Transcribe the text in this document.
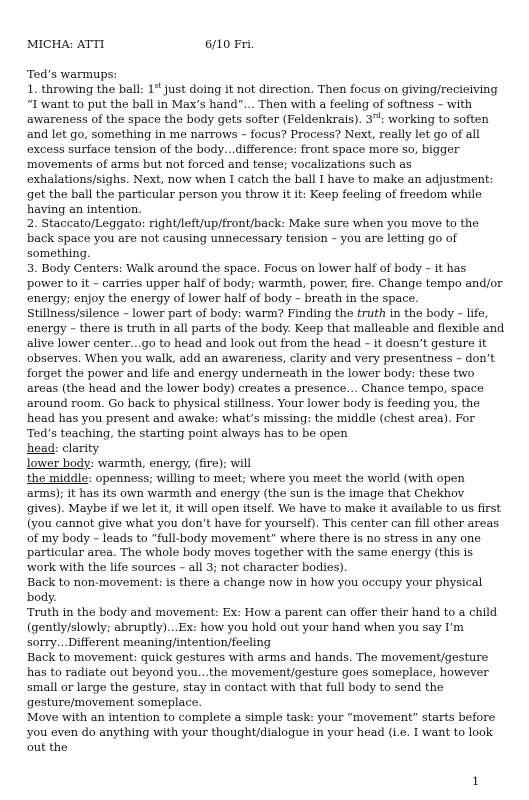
MICHA: ATTI	6/10 Fri.

Ted’s warmups:

1. throwing the ball: 1st just doing it not direction. Then focus on giving/recieiving “I want to put the ball in Max’s hand”… Then with a feeling of softness – with awareness of the space the body gets softer (Feldenkrais). 3rd: working to soften and let go, something in me narrows – focus? Process? Next, really let go of all excess surface tension of the body…difference: front space more so, bigger movements of arms but not forced and tense; vocalizations such as exhalations/sighs. Next, now when I catch the ball I have to make an adjustment: get the ball the particular person you throw it it: Keep feeling of freedom while having an intention.

2. Staccato/Leggato: right/left/up/front/back: Make sure when you move to the back space you are not causing unnecessary tension – you are letting go of something.

3. Body Centers: Walk around the space. Focus on lower half of body – it has power to it – carries upper half of body; warmth, power, fire. Change tempo and/or energy; enjoy the energy of lower half of body – breath in the space. Stillness/silence – lower part of body: warm? Finding the truth in the body – life, energy – there is truth in all parts of the body. Keep that malleable and flexible and alive lower center…go to head and look out from the head – it doesn’t gesture it observes. When you walk, add an awareness, clarity and very presentness – don’t forget the power and life and energy underneath in the lower body: these two areas (the head and the lower body) creates a presence… Chance tempo, space around room. Go back to physical stillness. Your lower body is feeding you, the head has you present and awake: what’s missing: the middle (chest area). For Ted’s teaching, the starting point always has to be open

head: clarity

lower body: warmth, energy, (fire); will

the middle: openness; willing to meet; where you meet the world (with open arms); it has its own warmth and energy (the sun is the image that Chekhov gives). Maybe if we let it, it will open itself. We have to make it available to us first (you cannot give what you don’t have for yourself). This center can fill other areas of my body – leads to “full-body movement” where there is no stress in any one particular area. The whole body moves together with the same energy (this is work with the life sources – all 3; not character bodies).

Back to non-movement: is there a change now in how you occupy your physical body.

Truth in the body and movement: Ex: How a parent can offer their hand to a child (gently/slowly; abruptly)…Ex: how you hold out your hand when you say I’m sorry…Different meaning/intention/feeling

Back to movement: quick gestures with arms and hands. The movement/gesture has to radiate out beyond you…the movement/gesture goes someplace, however small or large the gesture, stay in contact with that full body to send the gesture/movement someplace.

Move with an intention to complete a simple task: your “movement” starts before you even do anything with your thought/dialogue in your head (i.e. I want to look out the

1
